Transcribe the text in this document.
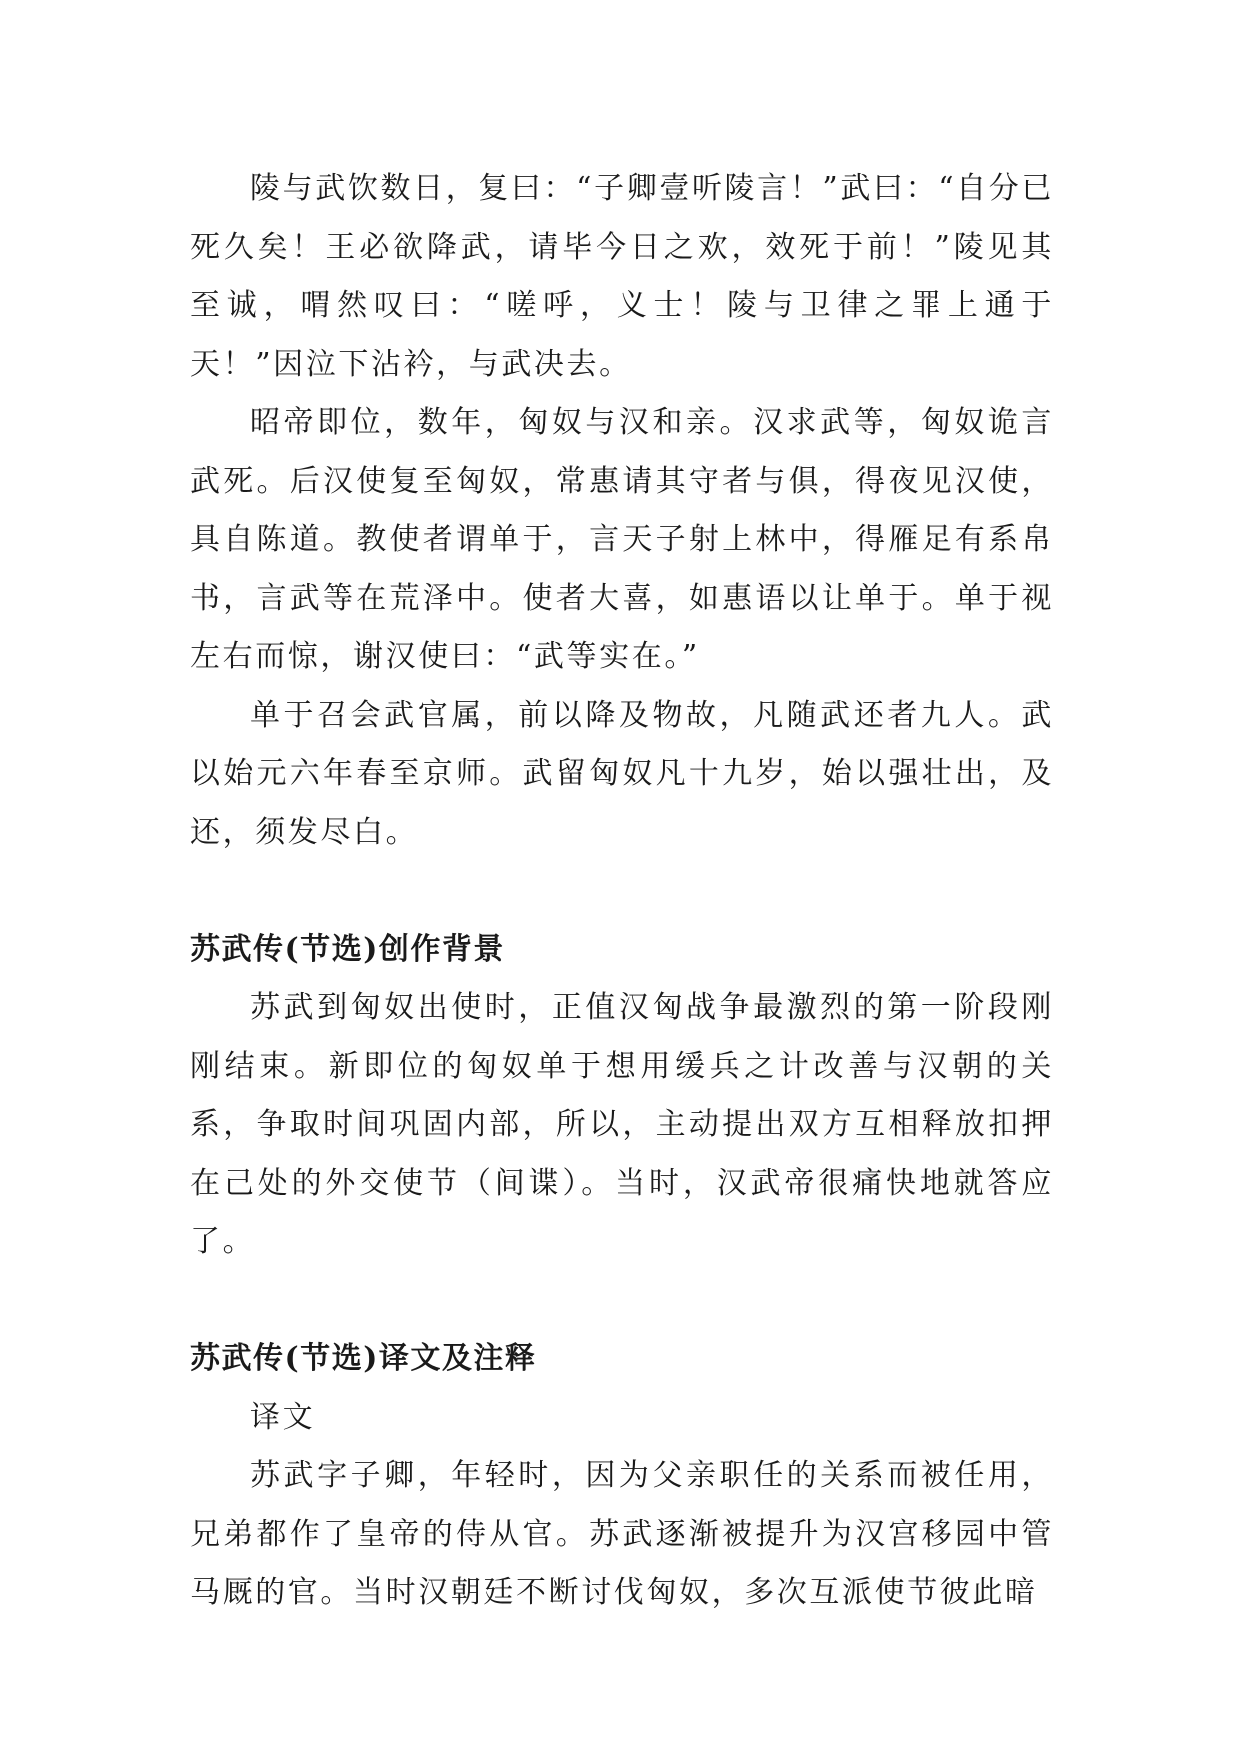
陵与武饮数日，复曰：“子卿壹听陵言！”武曰：“自分已死久矣！王必欲降武，请毕今日之欢，效死于前！”陵见其至诚，喟然叹曰：“嗟呼，义士！陵与卫律之罪上通于天！”因泣下沾衿，与武决去。

昭帝即位，数年，匈奴与汉和亲。汉求武等，匈奴诡言武死。后汉使复至匈奴，常惠请其守者与俱，得夜见汉使，具自陈道。教使者谓单于，言天子射上林中，得雁足有系帛书，言武等在荒泽中。使者大喜，如惠语以让单于。单于视左右而惊，谢汉使曰：“武等实在。”

单于召会武官属，前以降及物故，凡随武还者九人。武以始元六年春至京师。武留匈奴凡十九岁，始以强壮出，及还，须发尽白。

苏武传(节选)创作背景

苏武到匈奴出使时，正值汉匈战争最激烈的第一阶段刚刚结束。新即位的匈奴单于想用缓兵之计改善与汉朝的关系，争取时间巩固内部，所以，主动提出双方互相释放扣押在己处的外交使节（间谍）。当时，汉武帝很痛快地就答应了。

苏武传(节选)译文及注释

译文

苏武字子卿，年轻时，因为父亲职任的关系而被任用，兄弟都作了皇帝的侍从官。苏武逐渐被提升为汉宫移园中管马厩的官。当时汉朝廷不断讨伐匈奴，多次互派使节彼此暗
